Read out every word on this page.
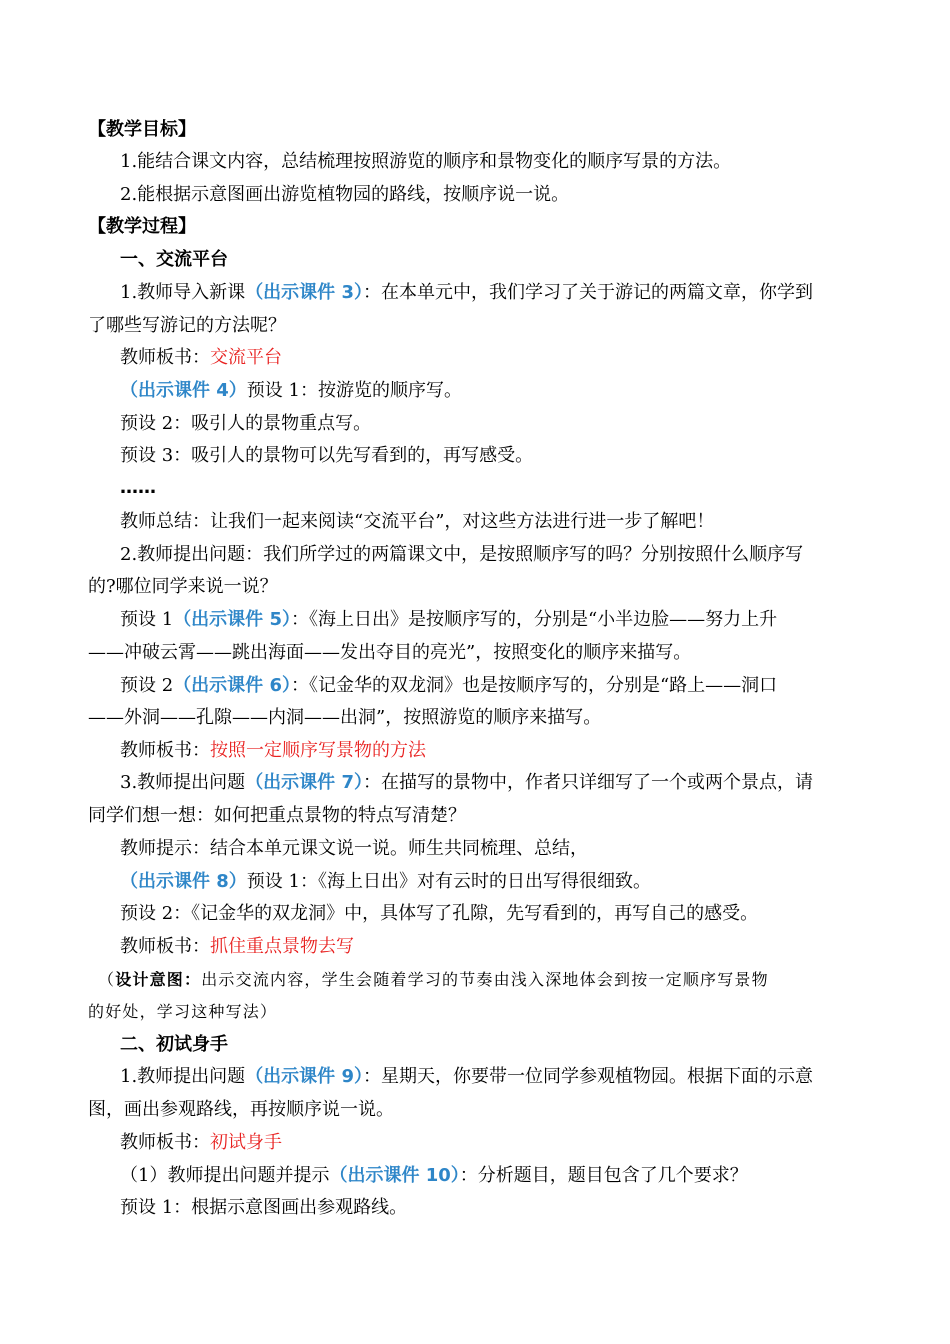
【教学目标】
1.能结合课文内容，总结梳理按照游览的顺序和景物变化的顺序写景的方法。
2.能根据示意图画出游览植物园的路线，按顺序说一说。
【教学过程】
一、交流平台
1.教师导入新课（出示课件 3）：在本单元中，我们学习了关于游记的两篇文章，你学到
了哪些写游记的方法呢？
教师板书：交流平台
（出示课件 4）预设 1：按游览的顺序写。
预设 2：吸引人的景物重点写。
预设 3：吸引人的景物可以先写看到的，再写感受。
……
教师总结：让我们一起来阅读“交流平台”，对这些方法进行进一步了解吧！
2.教师提出问题：我们所学过的两篇课文中，是按照顺序写的吗？分别按照什么顺序写
的?哪位同学来说一说？
预设 1（出示课件 5）：《海上日出》是按顺序写的，分别是“小半边脸——努力上升
——冲破云霄——跳出海面——发出夺目的亮光”，按照变化的顺序来描写。
预设 2（出示课件 6）：《记金华的双龙洞》也是按顺序写的，分别是“路上——洞口
——外洞——孔隙——内洞——出洞”，按照游览的顺序来描写。
教师板书：按照一定顺序写景物的方法
3.教师提出问题（出示课件 7）：在描写的景物中，作者只详细写了一个或两个景点，请
同学们想一想：如何把重点景物的特点写清楚？
教师提示：结合本单元课文说一说。师生共同梳理、总结，
（出示课件 8）预设 1：《海上日出》对有云时的日出写得很细致。
预设 2：《记金华的双龙洞》中，具体写了孔隙，先写看到的，再写自己的感受。
教师板书：抓住重点景物去写
（设计意图：出示交流内容，学生会随着学习的节奏由浅入深地体会到按一定顺序写景物
的好处，学习这种写法）
二、初试身手
1.教师提出问题（出示课件 9）：星期天，你要带一位同学参观植物园。根据下面的示意
图，画出参观路线，再按顺序说一说。
教师板书：初试身手
（1）教师提出问题并提示（出示课件 10）：分析题目，题目包含了几个要求？
预设 1：根据示意图画出参观路线。
